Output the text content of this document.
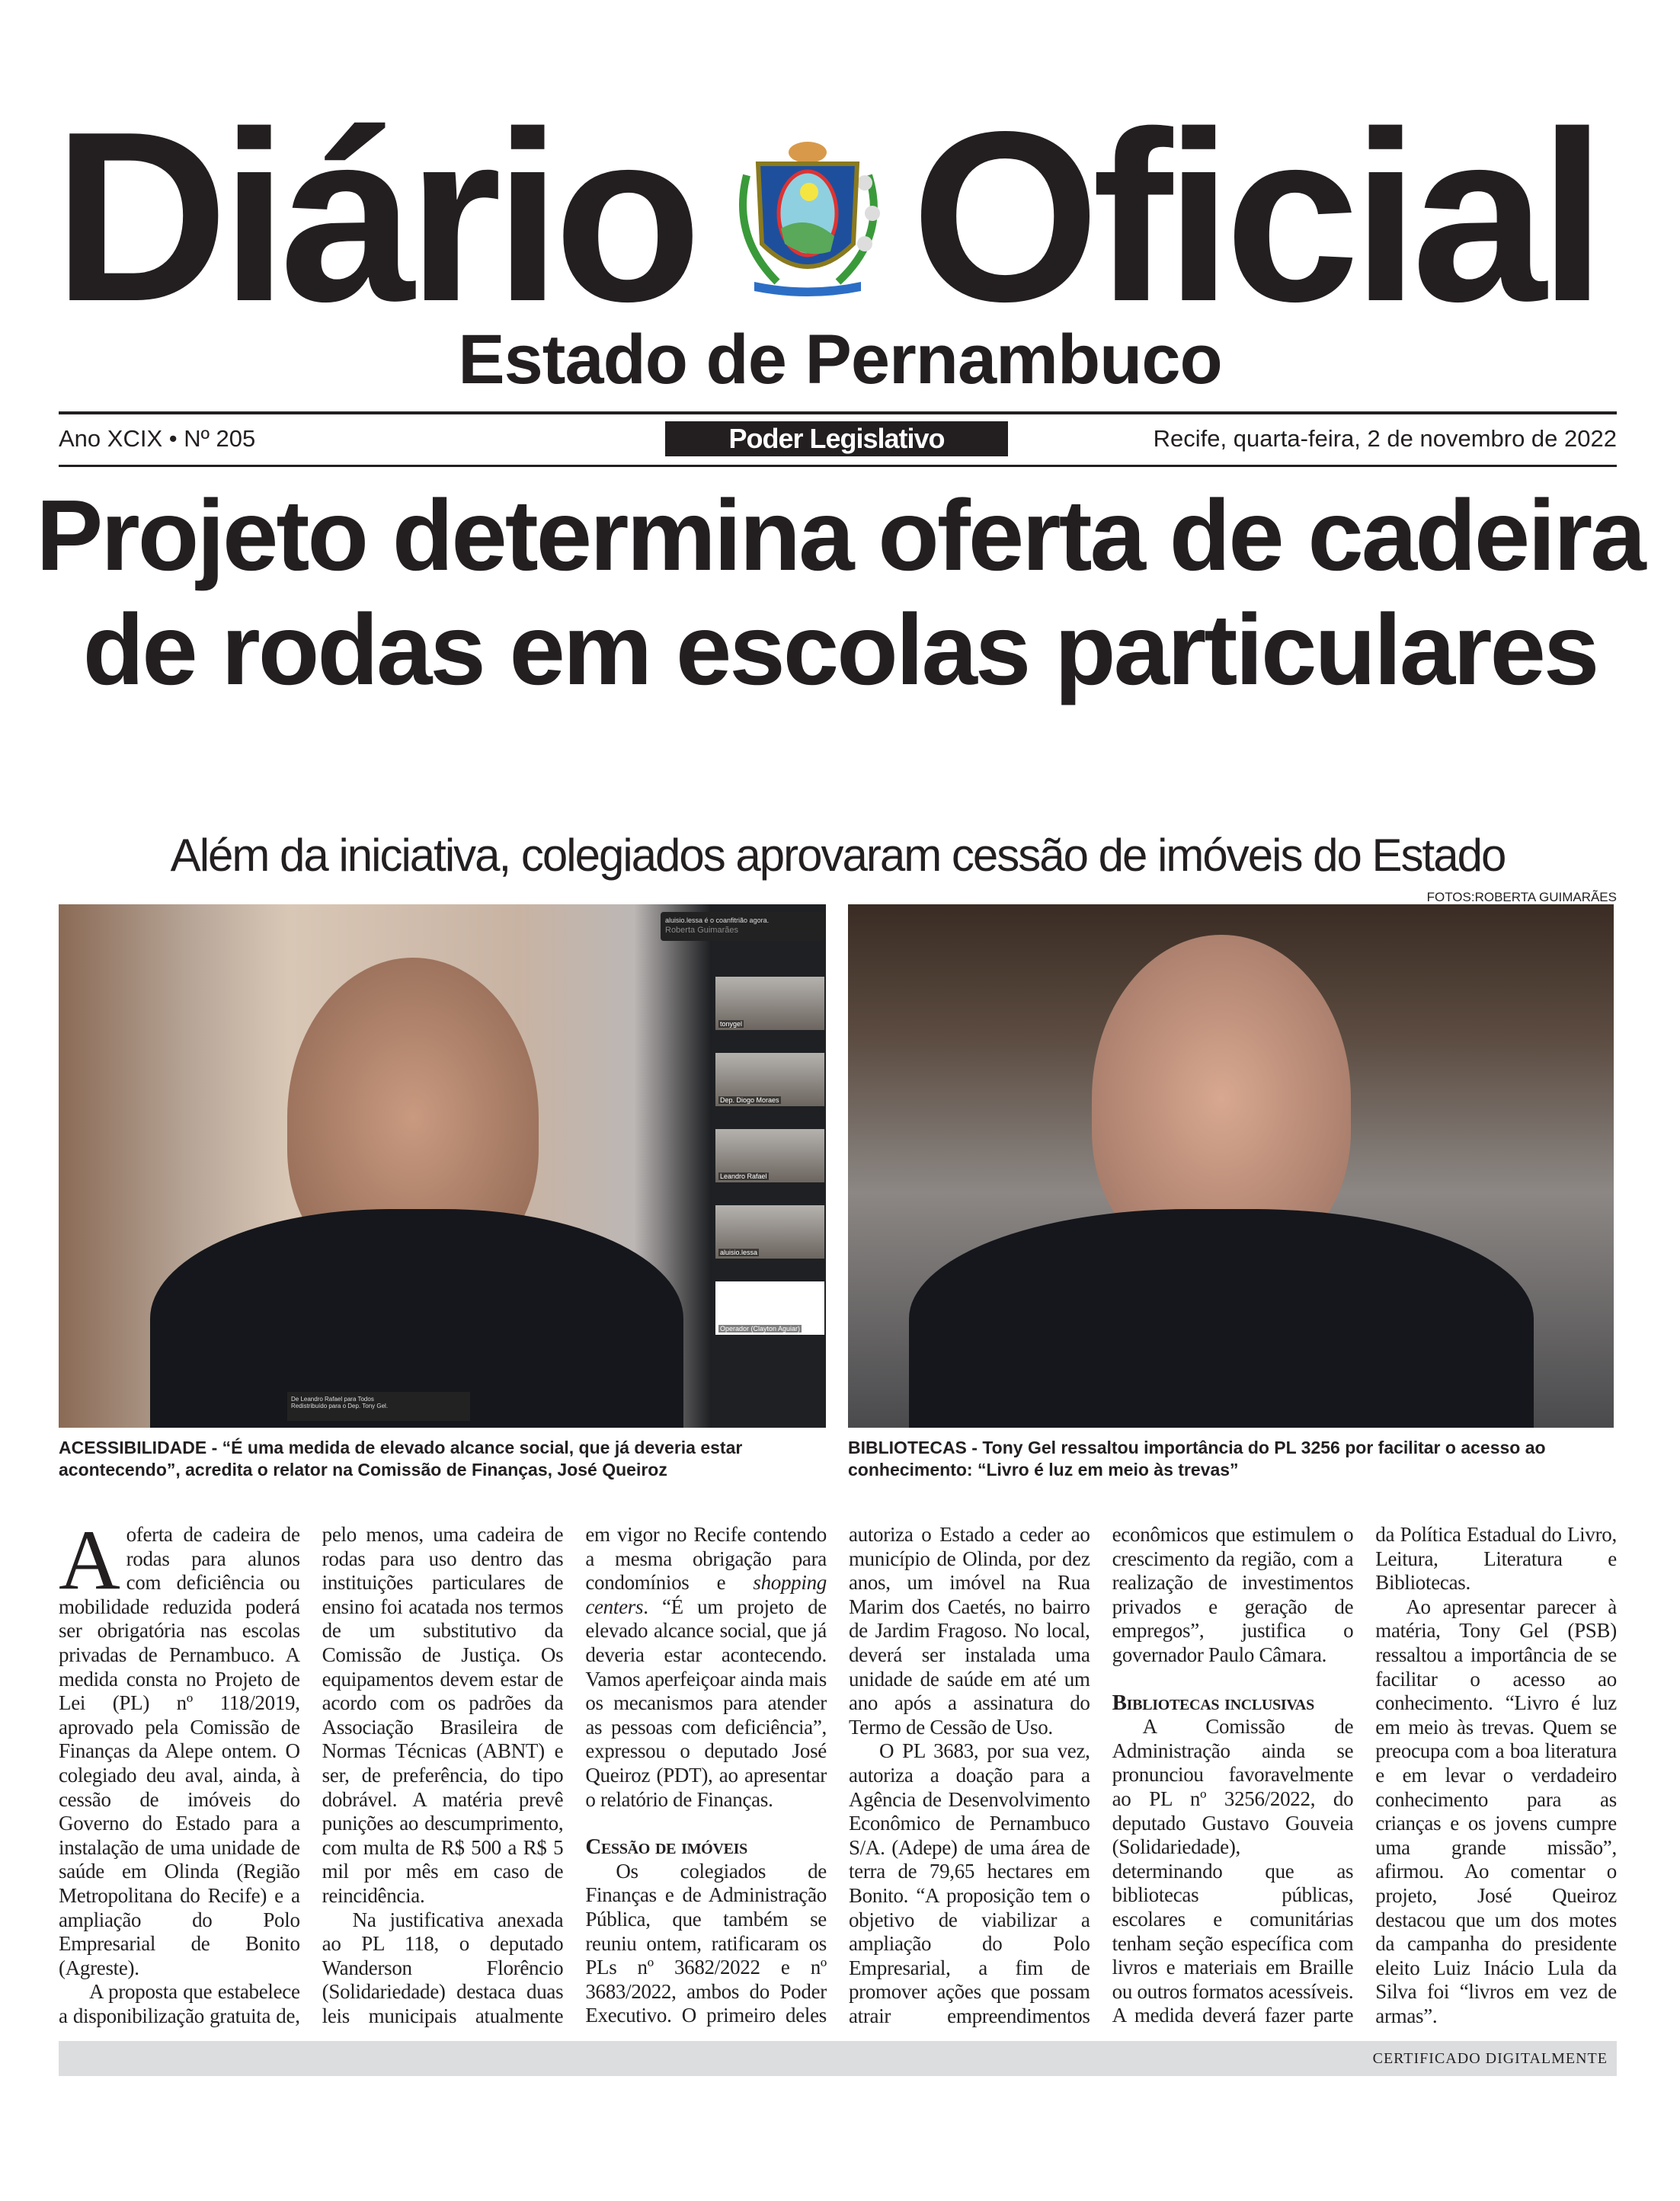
Diário Oficial
Estado de Pernambuco
Ano XCIX • Nº 205	Poder Legislativo	Recife, quarta-feira, 2 de novembro de 2022
Projeto determina oferta de cadeira de rodas em escolas particulares
Além da iniciativa, colegiados aprovaram cessão de imóveis do Estado
FOTOS:ROBERTA GUIMARÃES
tonygel
Dep. Diogo Moraes
Leandro Rafael
aluisio.lessa
Operador (Clayton Aguiar)
aluisio.lessa é o coanfitrião agora.
Roberta Guimarães
De Leandro Rafael para Todos
Redistribuído para o Dep. Tony Gel.
ACESSIBILIDADE - “É uma medida de elevado alcance social, que já deveria estar acontecendo”, acredita o relator na Comissão de Finanças, José Queiroz
BIBLIOTECAS - Tony Gel ressaltou importância do PL 3256 por facilitar o acesso ao conhecimento: “Livro é luz em meio às trevas”

Aoferta de cadeira de rodas para alunos com deficiência ou mobilidade reduzida poderá ser obrigatória nas escolas privadas de Pernambuco. A medida consta no Projeto de Lei (PL) nº 118/2019, aprovado pela Comissão de Finanças da Alepe ontem. O colegiado deu aval, ainda, à cessão de imóveis do Governo do Estado para a instalação de uma unidade de saúde em Olinda (Região Metropolitana do Recife) e a ampliação do Polo Empresarial de Bonito (Agreste).

A proposta que estabelece a disponibilização gratuita de, pelo menos, uma cadeira de rodas para uso dentro das instituições particulares de ensino foi acatada nos termos de um substitutivo da Comissão de Justiça. Os equipamentos devem estar de acordo com os padrões da Associação Brasileira de Normas Técnicas (ABNT) e ser, de preferência, do tipo dobrável. A matéria prevê punições ao descumprimento, com multa de R$ 500 a R$ 5 mil por mês em caso de reincidência.

Na justificativa anexada ao PL 118, o deputado Wanderson Florêncio (Solidariedade) destaca duas leis municipais atualmente em vigor no Recife contendo a mesma obrigação para condomínios e shopping centers. “É um projeto de elevado alcance social, que já deveria estar acontecendo. Vamos aperfeiçoar ainda mais os mecanismos para atender as pessoas com deficiência”, expressou o deputado José Queiroz (PDT), ao apresentar o relatório de Finanças.

Cessão de imóveis

Os colegiados de Finanças e de Administração Pública, que também se reuniu ontem, ratificaram os PLs nº 3682/2022 e nº 3683/2022, ambos do Poder Executivo. O primeiro deles autoriza o Estado a ceder ao município de Olinda, por dez anos, um imóvel na Rua Marim dos Caetés, no bairro de Jardim Fragoso. No local, deverá ser instalada uma unidade de saúde em até um ano após a assinatura do Termo de Cessão de Uso.

O PL 3683, por sua vez, autoriza a doação para a Agência de Desenvolvimento Econômico de Pernambuco S/A. (Adepe) de uma área de terra de 79,65 hectares em Bonito. “A proposição tem o objetivo de viabilizar a ampliação do Polo Empresarial, a fim de promover ações que possam atrair empreendimentos econômicos que estimulem o crescimento da região, com a realização de investimentos privados e geração de empregos”, justifica o governador Paulo Câmara.

Bibliotecas inclusivas

A Comissão de Administração ainda se pronunciou favoravelmente ao PL nº 3256/2022, do deputado Gustavo Gouveia (Solidariedade), determinando que as bibliotecas públicas, escolares e comunitárias tenham seção específica com livros e materiais em Braille ou outros formatos acessíveis. A medida deverá fazer parte da Política Estadual do Livro, Leitura, Literatura e Bibliotecas.

Ao apresentar parecer à matéria, Tony Gel (PSB) ressaltou a importância de se facilitar o acesso ao conhecimento. “Livro é luz em meio às trevas. Quem se preocupa com a boa literatura e em levar o verdadeiro conhecimento para as crianças e os jovens cumpre uma grande missão”, afirmou. Ao comentar o projeto, José Queiroz destacou que um dos motes da campanha do presidente eleito Luiz Inácio Lula da Silva foi “livros em vez de armas”.

CERTIFICADO DIGITALMENTE
